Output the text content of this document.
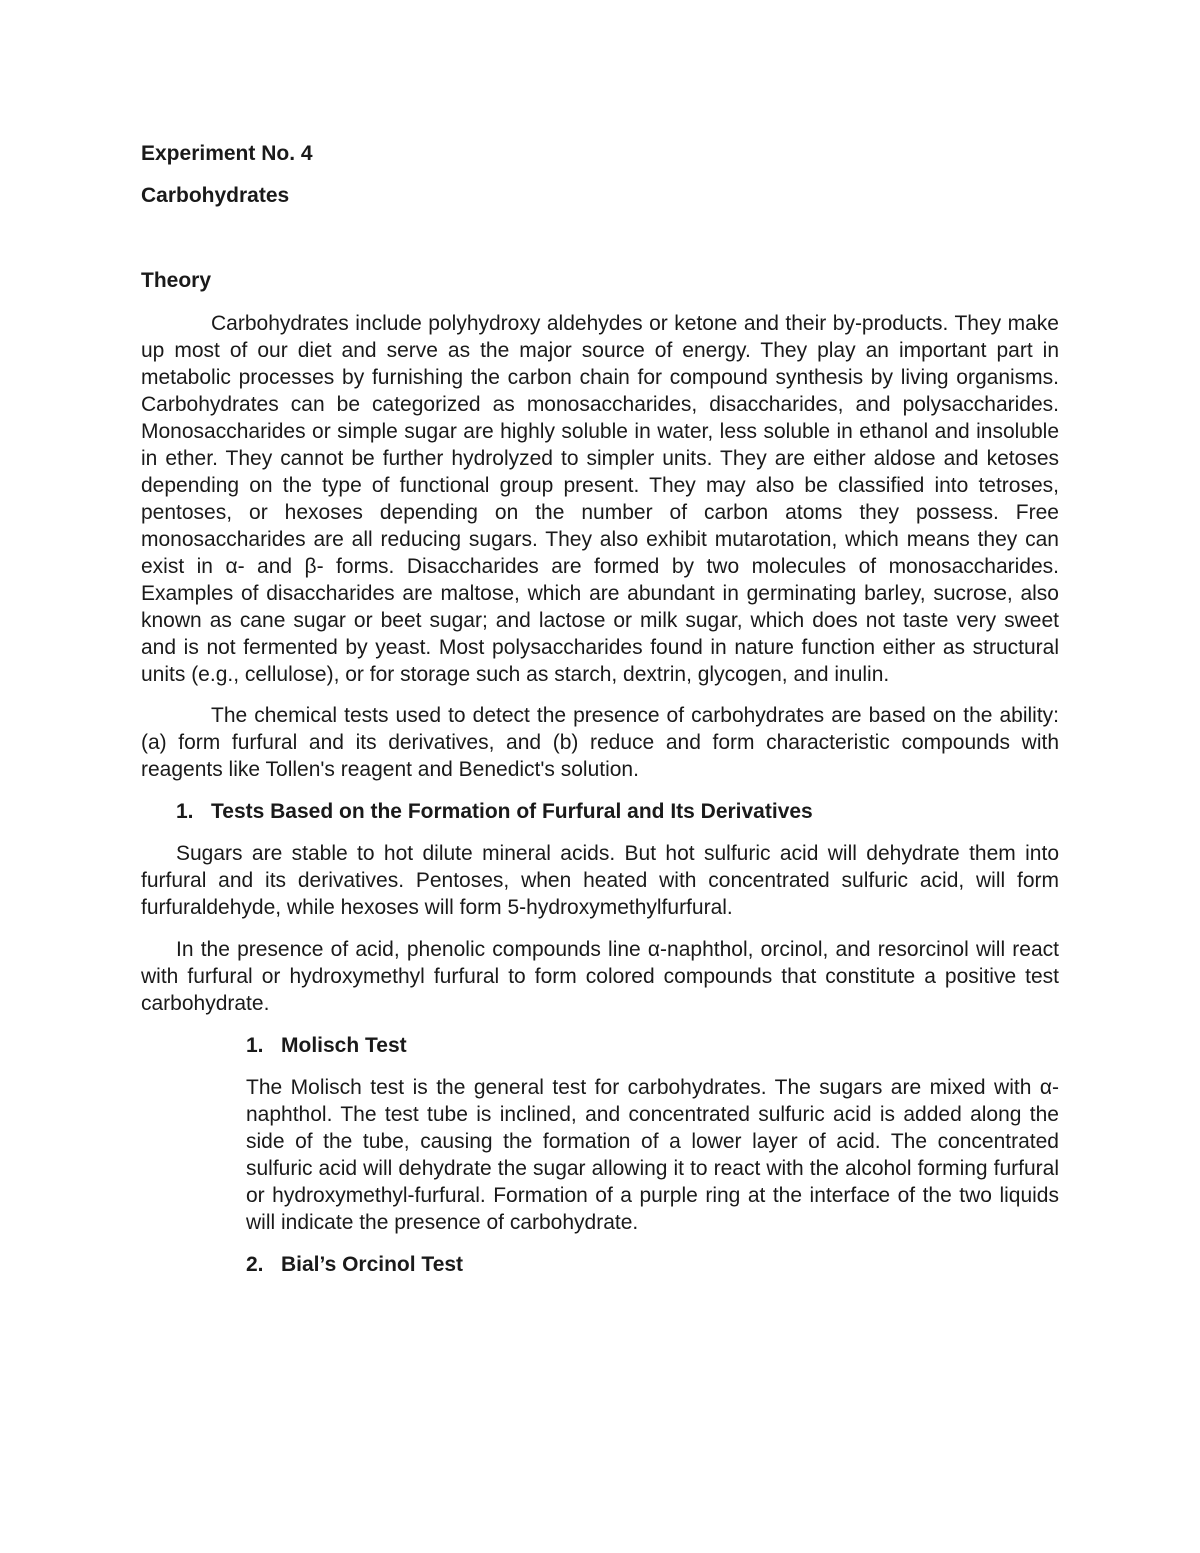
Experiment No. 4
Carbohydrates
Theory

Carbohydrates include polyhydroxy aldehydes or ketone and their by-products. They make up most of our diet and serve as the major source of energy. They play an important part in metabolic processes by furnishing the carbon chain for compound synthesis by living organisms. Carbohydrates can be categorized as monosaccharides, disaccharides, and polysaccharides. Monosaccharides or simple sugar are highly soluble in water, less soluble in ethanol and insoluble in ether. They cannot be further hydrolyzed to simpler units. They are either aldose and ketoses depending on the type of functional group present. They may also be classified into tetroses, pentoses, or hexoses depending on the number of carbon atoms they possess. Free monosaccharides are all reducing sugars. They also exhibit mutarotation, which means they can exist in α- and β- forms. Disaccharides are formed by two molecules of monosaccharides. Examples of disaccharides are maltose, which are abundant in germinating barley, sucrose, also known as cane sugar or beet sugar; and lactose or milk sugar, which does not taste very sweet and is not fermented by yeast. Most polysaccharides found in nature function either as structural units (e.g., cellulose), or for storage such as starch, dextrin, glycogen, and inulin.

The chemical tests used to detect the presence of carbohydrates are based on the ability: (a) form furfural and its derivatives, and (b) reduce and form characteristic compounds with reagents like Tollen's reagent and Benedict's solution.

1. Tests Based on the Formation of Furfural and Its Derivatives

Sugars are stable to hot dilute mineral acids. But hot sulfuric acid will dehydrate them into furfural and its derivatives. Pentoses, when heated with concentrated sulfuric acid, will form furfuraldehyde, while hexoses will form 5-hydroxymethylfurfural.

In the presence of acid, phenolic compounds line α-naphthol, orcinol, and resorcinol will react with furfural or hydroxymethyl furfural to form colored compounds that constitute a positive test carbohydrate.

1. Molisch Test

The Molisch test is the general test for carbohydrates. The sugars are mixed with α-naphthol. The test tube is inclined, and concentrated sulfuric acid is added along the side of the tube, causing the formation of a lower layer of acid. The concentrated sulfuric acid will dehydrate the sugar allowing it to react with the alcohol forming furfural or hydroxymethyl-furfural. Formation of a purple ring at the interface of the two liquids will indicate the presence of carbohydrate.

2. Bial’s Orcinol Test
